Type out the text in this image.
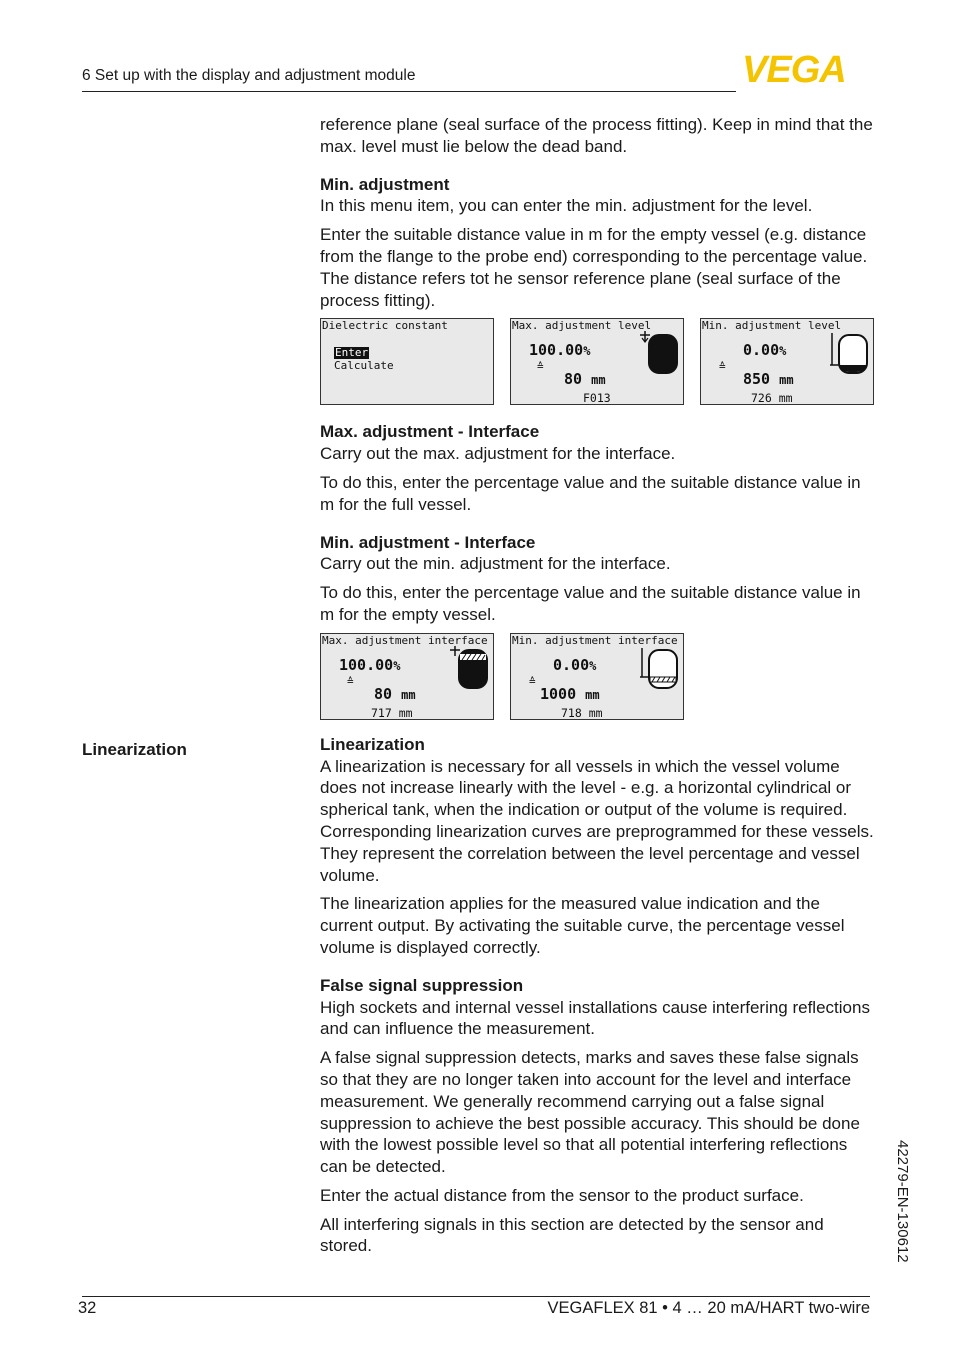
6 Set up with the display and adjustment module	VEGA

reference plane (seal surface of the process fitting). Keep in mind that the max. level must lie below the dead band.

Min. adjustment

In this menu item, you can enter the min. adjustment for the level.

Enter the suitable distance value in m for the empty vessel (e.g. distance from the flange to the probe end) corresponding to the percentage value. The distance refers tot he sensor reference plane (seal surface of the process fitting).

Dielectric constant
Enter
Calculate
Max. adjustment level
100.00%
≙
80 mm
F013
Min. adjustment level
0.00%
≙
850 mm
726 mm
Max. adjustment - Interface

Carry out the max. adjustment for the interface.

To do this, enter the percentage value and the suitable distance value in m for the full vessel.

Min. adjustment - Interface

Carry out the min. adjustment for the interface.

To do this, enter the percentage value and the suitable distance value in m for the empty vessel.

Max. adjustment interface
100.00%
≙
80 mm
717 mm
Min. adjustment interface
0.00%
≙
1000 mm
718 mm
Linearization

A linearization is necessary for all vessels in which the vessel volume does not increase linearly with the level - e.g. a horizontal cylindrical or spherical tank, when the indication or output of the volume is required. Corresponding linearization curves are preprogrammed for these vessels. They represent the correlation between the level percentage and vessel volume.

The linearization applies for the measured value indication and the current output. By activating the suitable curve, the percentage vessel volume is displayed correctly.

False signal suppression

High sockets and internal vessel installations cause interfering reflections and can influence the measurement.

A false signal suppression detects, marks and saves these false signals so that they are no longer taken into account for the level and interface measurement. We generally recommend carrying out a false signal suppression to achieve the best possible accuracy. This should be done with the lowest possible level so that all potential interfering reflections can be detected.

Enter the actual distance from the sensor to the product surface.

All interfering signals in this section are detected by the sensor and stored.

Linearization
42279-EN-130612
32	VEGAFLEX 81 • 4 … 20 mA/HART two-wire
